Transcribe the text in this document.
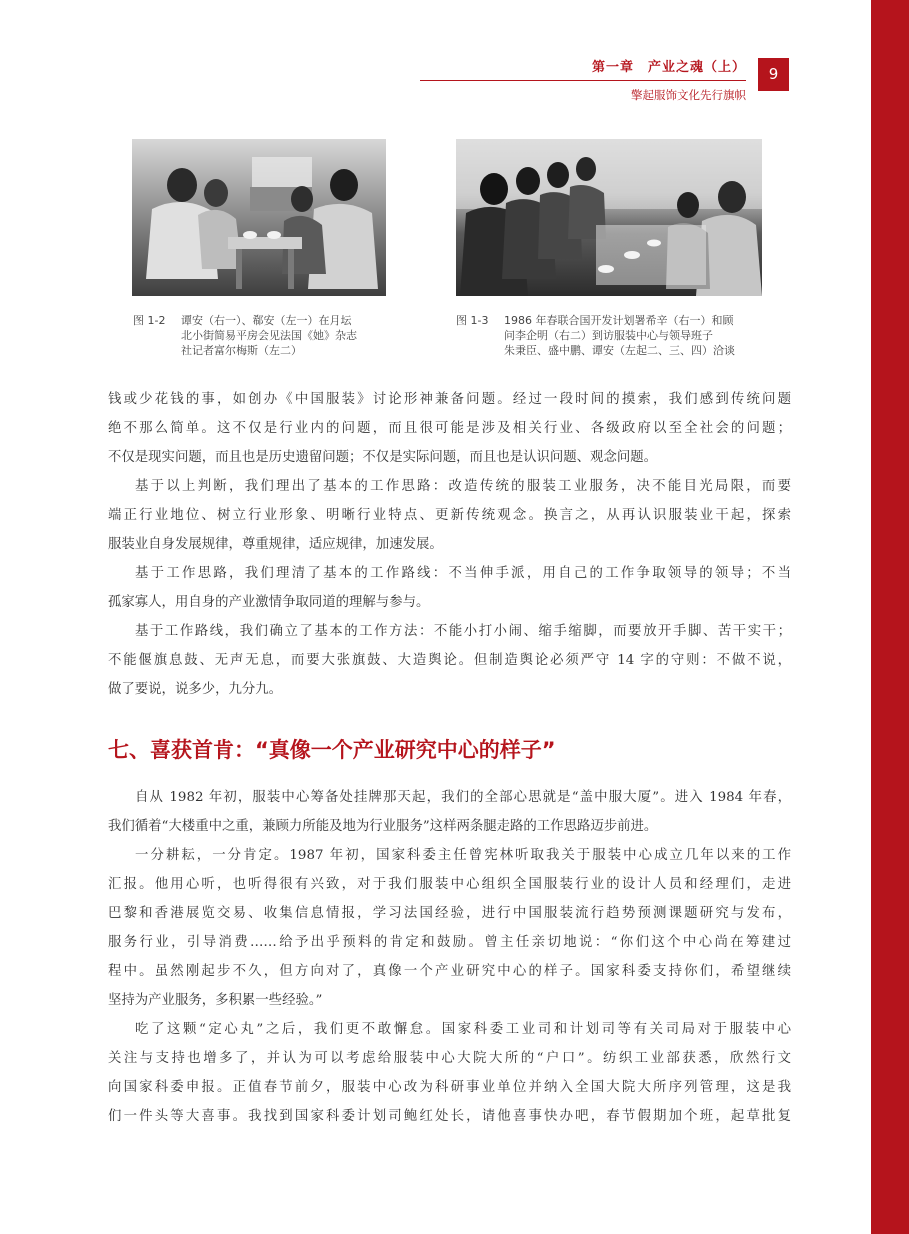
第一章　产业之魂（上）
擎起服饰文化先行旗帜
9
图 1-2 谭安（右一）、郗安（左一）在月坛
北小街简易平房会见法国《她》杂志
社记者富尔梅斯（左二）
图 1-3 1986 年春联合国开发计划署希辛（右一）和顾
问李企明（右二）到访服装中心与领导班子
朱秉臣、盛中鹏、谭安（左起二、三、四）洽谈

钱或少花钱的事，如创办《中国服装》讨论形神兼备问题。经过一段时间的摸索，我们感到传统问题
绝不那么简单。这不仅是行业内的问题，而且很可能是涉及相关行业、各级政府以至全社会的问题；
不仅是现实问题，而且也是历史遗留问题；不仅是实际问题，而且也是认识问题、观念问题。

基于以上判断，我们理出了基本的工作思路：改造传统的服装工业服务，决不能目光局限，而要
端正行业地位、树立行业形象、明晰行业特点、更新传统观念。换言之，从再认识服装业干起，探索
服装业自身发展规律，尊重规律，适应规律，加速发展。

基于工作思路，我们理清了基本的工作路线：不当伸手派，用自己的工作争取领导的领导；不当
孤家寡人，用自身的产业激情争取同道的理解与参与。

基于工作路线，我们确立了基本的工作方法：不能小打小闹、缩手缩脚，而要放开手脚、苦干实干；
不能偃旗息鼓、无声无息，而要大张旗鼓、大造舆论。但制造舆论必须严守 14 字的守则：不做不说，
做了要说，说多少，九分九。

七、喜获首肯：“真像一个产业研究中心的样子”

自从 1982 年初，服装中心筹备处挂牌那天起，我们的全部心思就是“盖中服大厦”。进入 1984 年春，
我们循着“大楼重中之重，兼顾力所能及地为行业服务”这样两条腿走路的工作思路迈步前进。

一分耕耘，一分肯定。1987 年初，国家科委主任曾宪林听取我关于服装中心成立几年以来的工作
汇报。他用心听，也听得很有兴致，对于我们服装中心组织全国服装行业的设计人员和经理们，走进
巴黎和香港展览交易、收集信息情报，学习法国经验，进行中国服装流行趋势预测课题研究与发布，
服务行业，引导消费……给予出乎预料的肯定和鼓励。曾主任亲切地说：“你们这个中心尚在筹建过
程中。虽然刚起步不久，但方向对了，真像一个产业研究中心的样子。国家科委支持你们，希望继续
坚持为产业服务，多积累一些经验。”

吃了这颗“定心丸”之后，我们更不敢懈怠。国家科委工业司和计划司等有关司局对于服装中心
关注与支持也增多了，并认为可以考虑给服装中心大院大所的“户口”。纺织工业部获悉，欣然行文
向国家科委申报。正值春节前夕，服装中心改为科研事业单位并纳入全国大院大所序列管理，这是我
们一件头等大喜事。我找到国家科委计划司鲍红处长，请他喜事快办吧，春节假期加个班，起草批复
